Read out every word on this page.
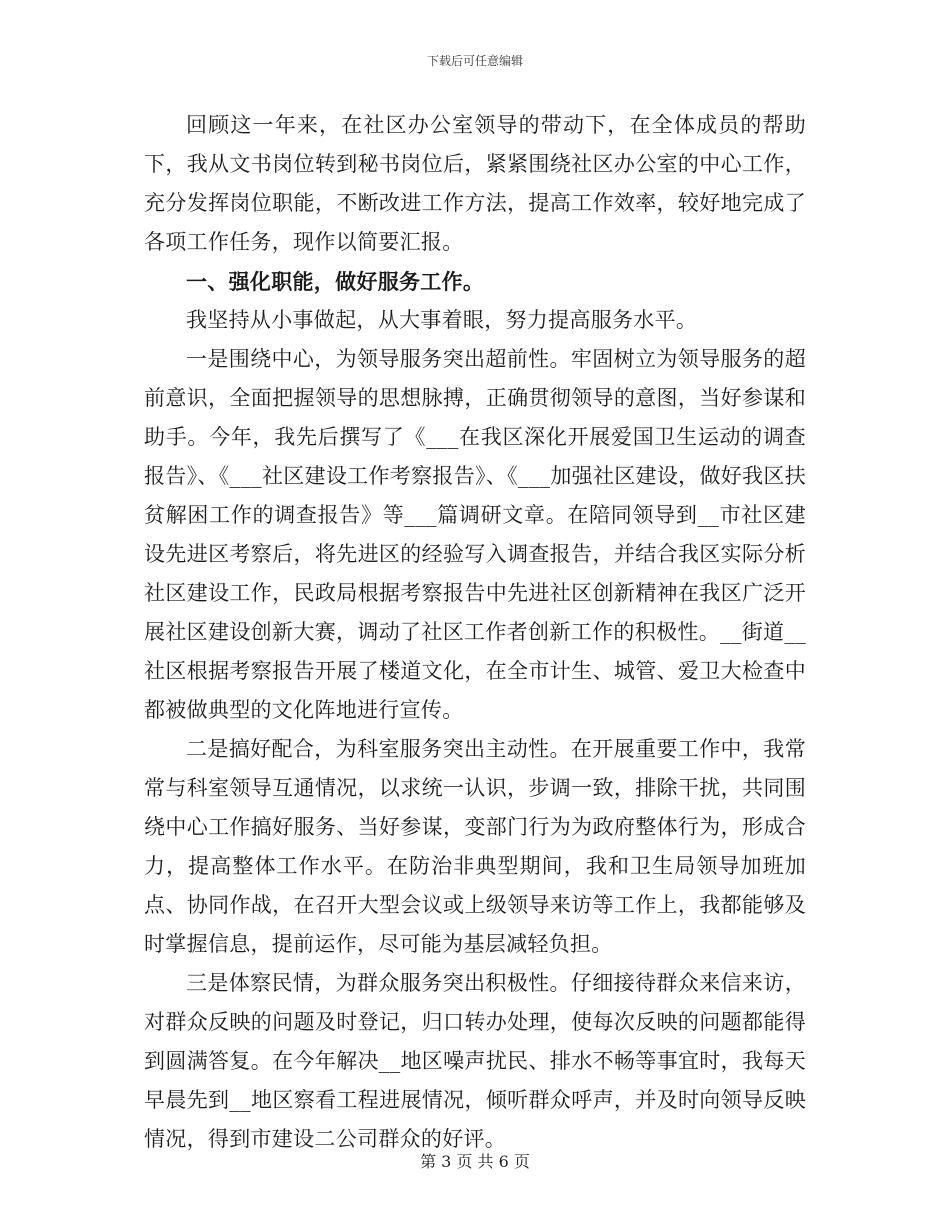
下载后可任意编辑

回顾这一年来，在社区办公室领导的带动下，在全体成员的帮助下，我从文书岗位转到秘书岗位后，紧紧围绕社区办公室的中心工作，充分发挥岗位职能，不断改进工作方法，提高工作效率，较好地完成了各项工作任务，现作以简要汇报。

一、强化职能，做好服务工作。

我坚持从小事做起，从大事着眼，努力提高服务水平。

一是围绕中心，为领导服务突出超前性。牢固树立为领导服务的超前意识，全面把握领导的思想脉搏，正确贯彻领导的意图，当好参谋和助手。今年，我先后撰写了《___在我区深化开展爱国卫生运动的调查报告》、《___社区建设工作考察报告》、《___加强社区建设，做好我区扶贫解困工作的调查报告》等___篇调研文章。在陪同领导到__市社区建设先进区考察后，将先进区的经验写入调查报告，并结合我区实际分析社区建设工作，民政局根据考察报告中先进社区创新精神在我区广泛开展社区建设创新大赛，调动了社区工作者创新工作的积极性。__街道__社区根据考察报告开展了楼道文化，在全市计生、城管、爱卫大检查中都被做典型的文化阵地进行宣传。

二是搞好配合，为科室服务突出主动性。在开展重要工作中，我常常与科室领导互通情况，以求统一认识，步调一致，排除干扰，共同围绕中心工作搞好服务、当好参谋，变部门行为为政府整体行为，形成合力，提高整体工作水平。在防治非典型期间，我和卫生局领导加班加点、协同作战，在召开大型会议或上级领导来访等工作上，我都能够及时掌握信息，提前运作，尽可能为基层减轻负担。

三是体察民情，为群众服务突出积极性。仔细接待群众来信来访，对群众反映的问题及时登记，归口转办处理，使每次反映的问题都能得到圆满答复。在今年解决__地区噪声扰民、排水不畅等事宜时，我每天早晨先到__地区察看工程进展情况，倾听群众呼声，并及时向领导反映情况，得到市建设二公司群众的好评。

第 3 页 共 6 页
